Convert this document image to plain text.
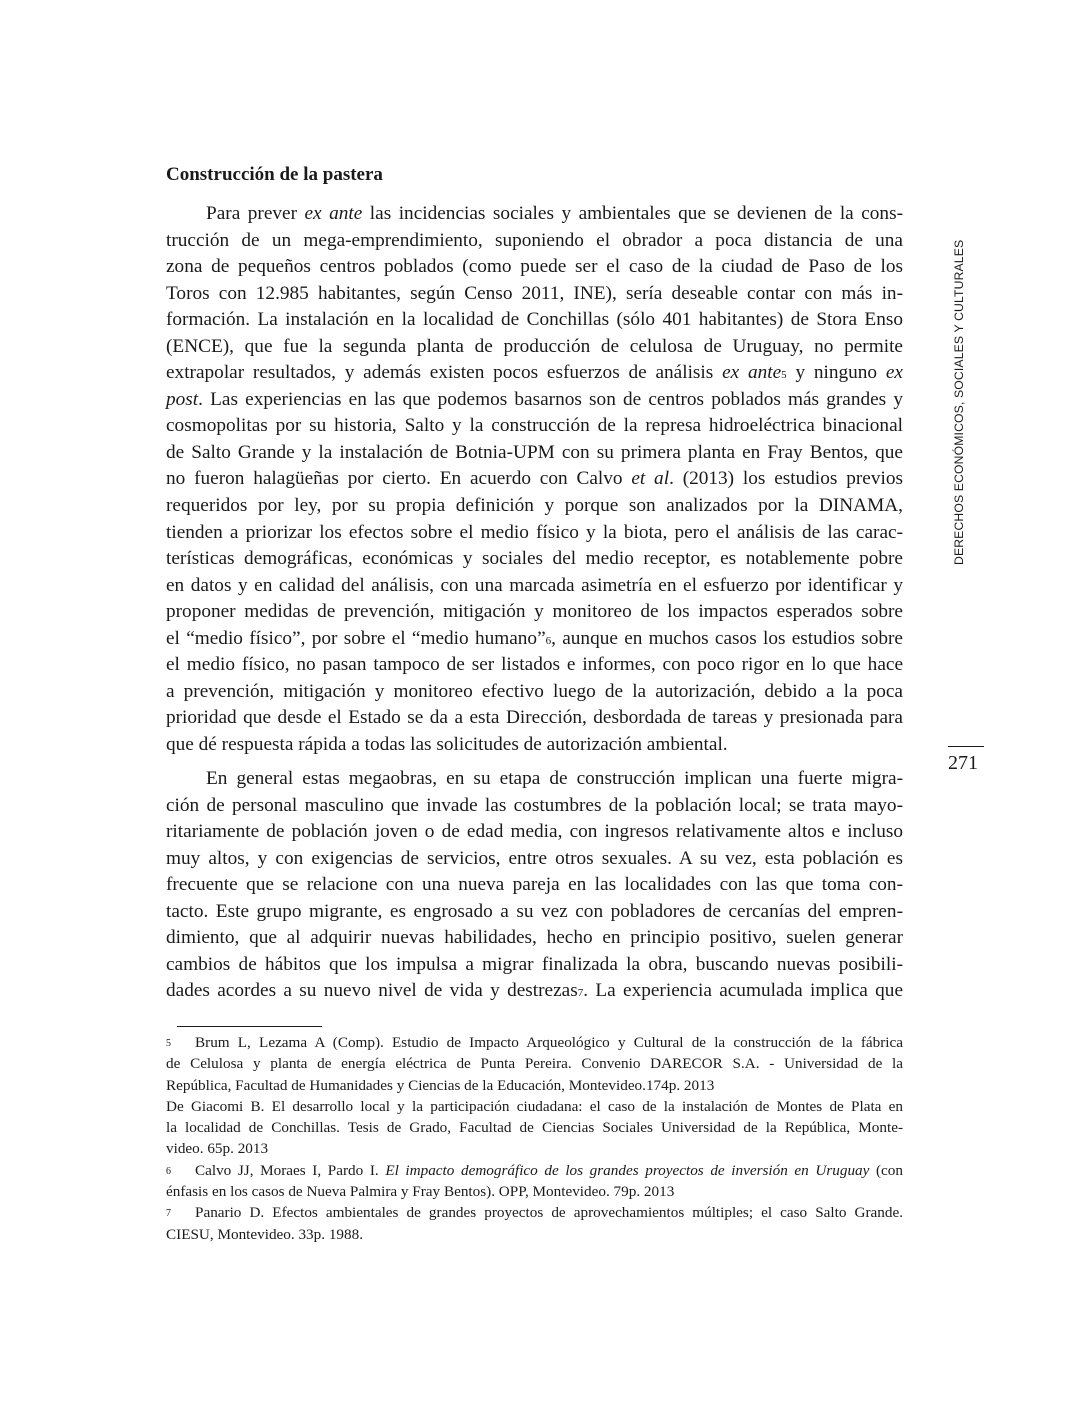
Construcción de la pastera
Para prever ex ante las incidencias sociales y ambientales que se devienen de la cons-
trucción de un mega-emprendimiento, suponiendo el obrador a poca distancia de una
zona de pequeños centros poblados (como puede ser el caso de la ciudad de Paso de los
Toros con 12.985 habitantes, según Censo 2011, INE), sería deseable contar con más in-
formación. La instalación en la localidad de Conchillas (sólo 401 habitantes) de Stora Enso
(ENCE), que fue la segunda planta de producción de celulosa de Uruguay, no permite
extrapolar resultados, y además existen pocos esfuerzos de análisis ex ante$^5$ y ninguno ex
post. Las experiencias en las que podemos basarnos son de centros poblados más grandes y
cosmopolitas por su historia, Salto y la construcción de la represa hidroeléctrica binacional
de Salto Grande y la instalación de Botnia-UPM con su primera planta en Fray Bentos, que
no fueron halagüeñas por cierto. En acuerdo con Calvo et al. (2013) los estudios previos
requeridos por ley, por su propia definición y porque son analizados por la DINAMA,
tienden a priorizar los efectos sobre el medio físico y la biota, pero el análisis de las carac-
terísticas demográficas, económicas y sociales del medio receptor, es notablemente pobre
en datos y en calidad del análisis, con una marcada asimetría en el esfuerzo por identificar y
proponer medidas de prevención, mitigación y monitoreo de los impactos esperados sobre
el “medio físico”, por sobre el “medio humano”$^6$, aunque en muchos casos los estudios sobre
el medio físico, no pasan tampoco de ser listados e informes, con poco rigor en lo que hace
a prevención, mitigación y monitoreo efectivo luego de la autorización, debido a la poca
prioridad que desde el Estado se da a esta Dirección, desbordada de tareas y presionada para
que dé respuesta rápida a todas las solicitudes de autorización ambiental.
En general estas megaobras, en su etapa de construcción implican una fuerte migra-
ción de personal masculino que invade las costumbres de la población local; se trata mayo-
ritariamente de población joven o de edad media, con ingresos relativamente altos e incluso
muy altos, y con exigencias de servicios, entre otros sexuales. A su vez, esta población es
frecuente que se relacione con una nueva pareja en las localidades con las que toma con-
tacto. Este grupo migrante, es engrosado a su vez con pobladores de cercanías del empren-
dimiento, que al adquirir nuevas habilidades, hecho en principio positivo, suelen generar
cambios de hábitos que los impulsa a migrar finalizada la obra, buscando nuevas posibili-
dades acordes a su nuevo nivel de vida y destrezas$^7$. La experiencia acumulada implica que
DERECHOS ECONÓMICOS, SOCIALES Y CULTURALES
271
5 Brum L, Lezama A (Comp). Estudio de Impacto Arqueológico y Cultural de la construcción de la fábrica
de Celulosa y planta de energía eléctrica de Punta Pereira. Convenio DARECOR S.A. - Universidad de la
República, Facultad de Humanidades y Ciencias de la Educación, Montevideo.174p. 2013
De Giacomi B. El desarrollo local y la participación ciudadana: el caso de la instalación de Montes de Plata en
la localidad de Conchillas. Tesis de Grado, Facultad de Ciencias Sociales Universidad de la República, Monte-
video. 65p. 2013
6 Calvo JJ, Moraes I, Pardo I. El impacto demográfico de los grandes proyectos de inversión en Uruguay (con
énfasis en los casos de Nueva Palmira y Fray Bentos). OPP, Montevideo. 79p. 2013
7 Panario D. Efectos ambientales de grandes proyectos de aprovechamientos múltiples; el caso Salto Grande.
CIESU, Montevideo. 33p. 1988.
